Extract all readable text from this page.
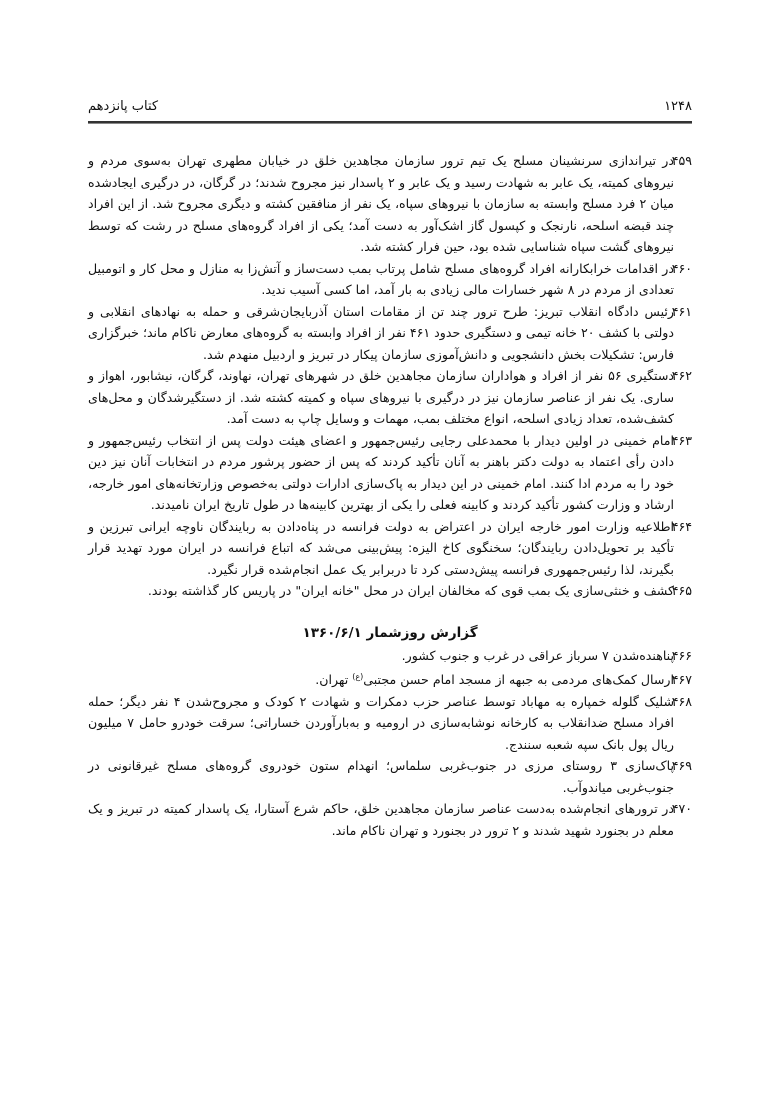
۱۲۴۸
کتاب پانزدهم

۴۵۹در تیراندازی سرنشینان مسلح یک تیم ترور سازمان مجاهدین خلق در خیابان مطهری تهران به‌سوی مردم و نیروهای کمیته، یک عابر به شهادت رسید و یک عابر و ۲ پاسدار نیز مجروح شدند؛ در گرگان، در درگیری ایجادشده میان ۲ فرد مسلح وابسته به سازمان با نیروهای سپاه، یک نفر از منافقین کشته و دیگری مجروح شد. از این افراد چند قبضه اسلحه، نارنجک و کپسول گاز اشک‌آور به دست آمد؛ یکی از افراد گروه‌های مسلح در رشت که توسط نیروهای گشت سپاه شناسایی شده بود، حین فرار کشته شد.

۴۶۰در اقدامات خرابکارانه افراد گروه‌های مسلح شامل پرتاب بمب دست‌ساز و آتش‌زا به منازل و محل کار و اتومبیل تعدادی از مردم در ۸ شهر خسارات مالی زیادی به بار آمد، اما کسی آسیب ندید.

۴۶۱رئیس دادگاه انقلاب تبریز: طرح ترور چند تن از مقامات استان آذربایجان‌شرقی و حمله به نهادهای انقلابی و دولتی با کشف ۲۰ خانه تیمی و دستگیری حدود ۴۶۱ نفر از افراد وابسته به گروه‌های معارض ناکام ماند؛ خبرگزاری فارس: تشکیلات بخش دانشجویی و دانش‌آموزی سازمان پیکار در تبریز و اردبیل منهدم شد.

۴۶۲دستگیری ۵۶ نفر از افراد و هواداران سازمان مجاهدین خلق در شهرهای تهران، نهاوند، گرگان، نیشابور، اهواز و ساری. یک نفر از عناصر سازمان نیز در درگیری با نیروهای سپاه و کمیته کشته شد. از دستگیرشدگان و محل‌های کشف‌شده، تعداد زیادی اسلحه، انواع مختلف بمب، مهمات و وسایل چاپ به دست آمد.

۴۶۳امام خمینی در اولین دیدار با محمدعلی رجایی رئیس‌جمهور و اعضای هیئت دولت پس از انتخاب رئیس‌جمهور و دادن رأی اعتماد به دولت دکتر باهنر به آنان تأکید کردند که پس از حضور پرشور مردم در انتخابات آنان نیز دین خود را به مردم ادا کنند. امام خمینی در این دیدار به پاک‌سازی ادارات دولتی به‌خصوص وزارتخانه‌های امور خارجه، ارشاد و وزارت کشور تأکید کردند و کابینه فعلی را یکی از بهترین کابینه‌ها در طول تاریخ ایران نامیدند.

۴۶۴اطلاعیه وزارت امور خارجه ایران در اعتراض به دولت فرانسه در پناه‌دادن به ربایندگان ناوچه ایرانی تبرزین و تأکید بر تحویل‌دادن ربایندگان؛ سخنگوی کاخ الیزه: پیش‌بینی می‌شد که اتباع فرانسه در ایران مورد تهدید قرار بگیرند، لذا رئیس‌جمهوری فرانسه پیش‌دستی کرد تا دربرابر یک عمل انجام‌شده قرار نگیرد.

۴۶۵کشف و خنثی‌سازی یک بمب قوی که مخالفان ایران در محل "خانه ایران" در پاریس کار گذاشته بودند.

گزارش روزشمار ۱۳۶۰/۶/۱

۴۶۶پناهنده‌شدن ۷ سرباز عراقی در غرب و جنوب کشور.

۴۶۷ارسال کمک‌های مردمی به جبهه از مسجد امام حسن مجتبی$^{(ع)}$ تهران.

۴۶۸شلیک گلوله خمپاره به مهاباد توسط عناصر حزب دمکرات و شهادت ۲ کودک و مجروح‌شدن ۴ نفر دیگر؛ حمله افراد مسلح ضدانقلاب به کارخانه نوشابه‌سازی در ارومیه و به‌بارآوردن خساراتی؛ سرقت خودرو حامل ۷ میلیون ریال پول بانک سپه شعبه سنندج.

۴۶۹پاک‌سازی ۳ روستای مرزی در جنوب‌غربی سلماس؛ انهدام ستون خودروی گروه‌های مسلح غیرقانونی در جنوب‌غربی میاندوآب.

۴۷۰در ترورهای انجام‌شده به‌دست عناصر سازمان مجاهدین خلق، حاکم شرع آستارا، یک پاسدار کمیته در تبریز و یک معلم در بجنورد شهید شدند و ۲ ترور در بجنورد و تهران ناکام ماند.
